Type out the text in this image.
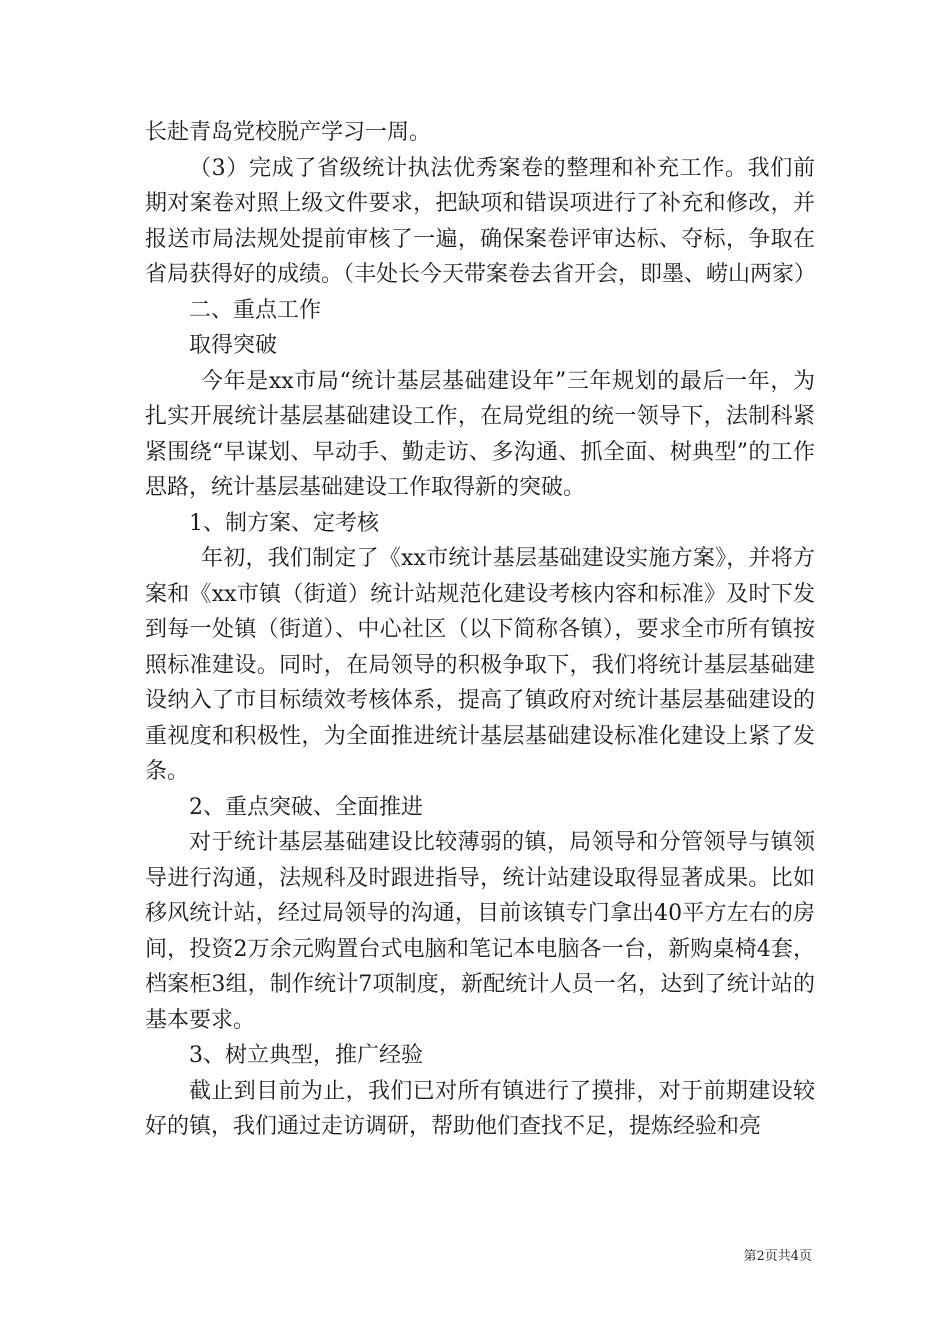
长赴青岛党校脱产学习一周。

（3）完成了省级统计执法优秀案卷的整理和补充工作。我们前期对案卷对照上级文件要求，把缺项和错误项进行了补充和修改，并报送市局法规处提前审核了一遍，确保案卷评审达标、夺标，争取在省局获得好的成绩。（丰处长今天带案卷去省开会，即墨、崂山两家）

二、重点工作

取得突破

今年是xx市局“统计基层基础建设年”三年规划的最后一年，为扎实开展统计基层基础建设工作，在局党组的统一领导下，法制科紧紧围绕“早谋划、早动手、勤走访、多沟通、抓全面、树典型”的工作思路，统计基层基础建设工作取得新的突破。

1、制方案、定考核

年初，我们制定了《xx市统计基层基础建设实施方案》，并将方案和《xx市镇（街道）统计站规范化建设考核内容和标准》及时下发到每一处镇（街道）、中心社区（以下简称各镇），要求全市所有镇按照标准建设。同时，在局领导的积极争取下，我们将统计基层基础建设纳入了市目标绩效考核体系，提高了镇政府对统计基层基础建设的重视度和积极性，为全面推进统计基层基础建设标准化建设上紧了发条。

2、重点突破、全面推进

对于统计基层基础建设比较薄弱的镇，局领导和分管领导与镇领导进行沟通，法规科及时跟进指导，统计站建设取得显著成果。比如移风统计站，经过局领导的沟通，目前该镇专门拿出40平方左右的房间，投资2万余元购置台式电脑和笔记本电脑各一台，新购桌椅4套，档案柜3组，制作统计7项制度，新配统计人员一名，达到了统计站的基本要求。

3、树立典型，推广经验

截止到目前为止，我们已对所有镇进行了摸排，对于前期建设较好的镇，我们通过走访调研，帮助他们查找不足，提炼经验和亮

第2页共4页
